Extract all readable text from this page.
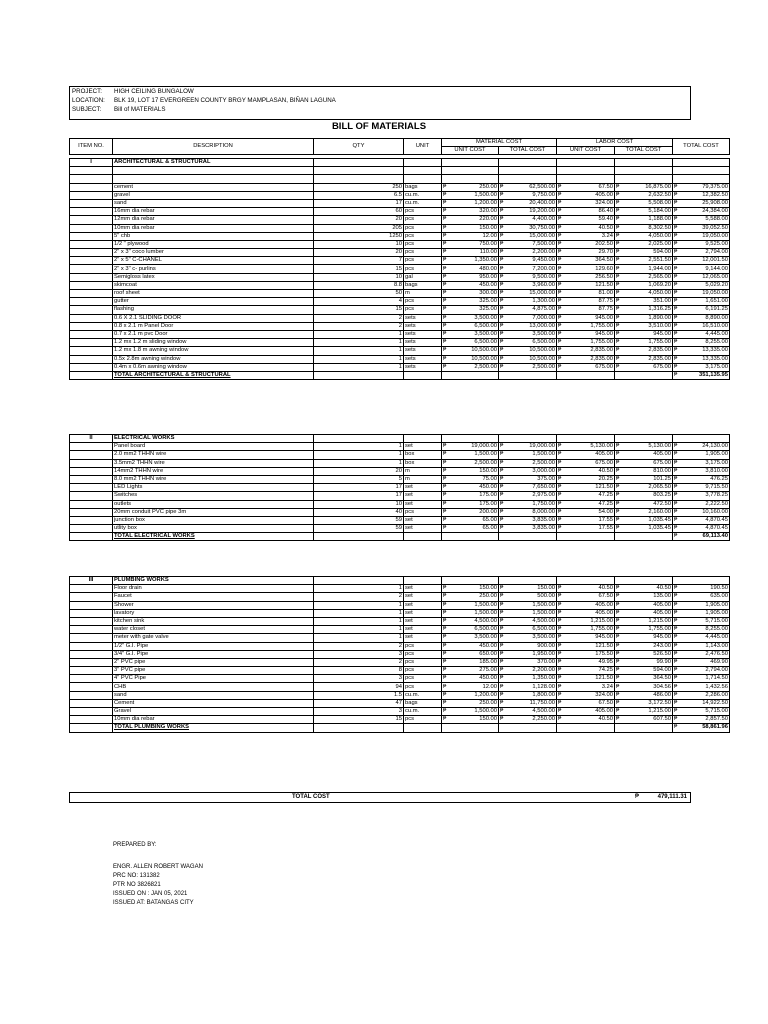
PROJECT: HIGH CEILING BUNGALOW
LOCATION: BLK 19, LOT 17 EVERGREEN COUNTY BRGY MAMPLASAN, BIÑAN LAGUNA
SUBJECT: Bill of MATERIALS
BILL OF MATERIALS
ITEM NO.	DESCRIPTION	QTY	UNIT	MATERIAL COST		LABOR COST		TOTAL COST
				UNIT COST	TOTAL COST	UNIT COST	TOTAL COST	
I	ARCHITECTURAL & STRUCTURAL												

	cement	250	bags	₱	250.00	₱	62,500.00	₱	67.50	₱	16,875.00	₱	79,375.00
	gravel	6.5	cu.m.	₱	1,500.00	₱	9,750.00	₱	405.00	₱	2,632.50	₱	12,382.50
	sand	17	cu.m.	₱	1,200.00	₱	20,400.00	₱	324.00	₱	5,508.00	₱	25,908.00
	16mm dia rebar	60	pcs	₱	320.00	₱	19,200.00	₱	86.40	₱	5,184.00	₱	24,384.00
	12mm dia rebar	20	pcs	₱	220.00	₱	4,400.00	₱	59.40	₱	1,188.00	₱	5,588.00
	10mm dia rebar	205	pcs	₱	150.00	₱	30,750.00	₱	40.50	₱	8,302.50	₱	39,052.50
	5" chb	1250	pcs	₱	12.00	₱	15,000.00	₱	3.24	₱	4,050.00	₱	19,050.00
	1/2 " plywood	10	pcs	₱	750.00	₱	7,500.00	₱	202.50	₱	2,025.00	₱	9,525.00
	2" x 3" coco lumber	20	pcs	₱	110.00	₱	2,200.00	₱	29.70	₱	594.00	₱	2,794.00
	2" x 5" C-CHANEL	7	pcs	₱	1,350.00	₱	9,450.00	₱	364.50	₱	2,551.50	₱	12,001.50
	2" x 3" c- purlins	15	pcs	₱	480.00	₱	7,200.00	₱	129.60	₱	1,944.00	₱	9,144.00
	Semigloss latex	10	gal	₱	950.00	₱	9,500.00	₱	256.50	₱	2,565.00	₱	12,065.00
	skimcoat	8.8	bags	₱	450.00	₱	3,960.00	₱	121.50	₱	1,069.20	₱	5,029.20
	roof sheet	50	m	₱	300.00	₱	15,000.00	₱	81.00	₱	4,050.00	₱	19,050.00
	gutter	4	pcs	₱	325.00	₱	1,300.00	₱	87.75	₱	351.00	₱	1,651.00
	flashing	15	pcs	₱	325.00	₱	4,875.00	₱	87.75	₱	1,316.25	₱	6,191.25
	0.6 X 2.1 SLIDING DOOR	2	sets	₱	3,500.00	₱	7,000.00	₱	945.00	₱	1,890.00	₱	8,890.00
	0.8 x 2.1 m Panel Door	2	sets	₱	6,500.00	₱	13,000.00	₱	1,755.00	₱	3,510.00	₱	16,510.00
	0.7 x 2.1 m pvc Door	1	sets	₱	3,500.00	₱	3,500.00	₱	945.00	₱	945.00	₱	4,445.00
	1.2 mx 1.2 m sliding window	1	sets	₱	6,500.00	₱	6,500.00	₱	1,755.00	₱	1,755.00	₱	8,255.00
	1.2 mx 1.8 m awning window	1	sets	₱	10,500.00	₱	10,500.00	₱	2,835.00	₱	2,835.00	₱	13,335.00
	0.5x 2.8m awning window	1	sets	₱	10,500.00	₱	10,500.00	₱	2,835.00	₱	2,835.00	₱	13,335.00
	0.4m x 0.6m awning window	1	sets	₱	2,500.00	₱	2,500.00	₱	675.00	₱	675.00	₱	3,175.00
	TOTAL ARCHITECTURAL & STRUCTURAL											₱	351,135.95
II	ELECTRICAL WORKS												
	Panel board	1	set	₱	19,000.00	₱	19,000.00	₱	5,130.00	₱	5,130.00	₱	24,130.00
	2.0 mm2 THHN wire	1	box	₱	1,500.00	₱	1,500.00	₱	405.00	₱	405.00	₱	1,905.00
	3.5mm2 THHN wire	1	box	₱	2,500.00	₱	2,500.00	₱	675.00	₱	675.00	₱	3,175.00
	14mm2 THHN wire	20	m	₱	150.00	₱	3,000.00	₱	40.50	₱	810.00	₱	3,810.00
	8.0 mm2 THHN wire	5	m	₱	75.00	₱	375.00	₱	20.25	₱	101.25	₱	476.25
	LED Lights	17	set	₱	450.00	₱	7,650.00	₱	121.50	₱	2,065.50	₱	9,715.50
	Switches	17	set	₱	175.00	₱	2,975.00	₱	47.25	₱	803.25	₱	3,778.25
	outlets	10	set	₱	175.00	₱	1,750.00	₱	47.25	₱	472.50	₱	2,222.50
	20mm conduit PVC pipe 3m	40	pcs	₱	200.00	₱	8,000.00	₱	54.00	₱	2,160.00	₱	10,160.00
	junction box	59	set	₱	65.00	₱	3,835.00	₱	17.55	₱	1,035.45	₱	4,870.45
	utlity box	59	set	₱	65.00	₱	3,835.00	₱	17.55	₱	1,035.45	₱	4,870.45
	TOTAL ELECTRICAL WORKS											₱	69,113.40
III	PLUMBING WORKS												
	Floor drain	1	set	₱	150.00	₱	150.00	₱	40.50	₱	40.50	₱	190.50
	Faucet	2	set	₱	250.00	₱	500.00	₱	67.50	₱	135.00	₱	635.00
	Shower	1	set	₱	1,500.00	₱	1,500.00	₱	405.00	₱	405.00	₱	1,905.00
	lavatory	1	set	₱	1,500.00	₱	1,500.00	₱	405.00	₱	405.00	₱	1,905.00
	kitchen sink	1	set	₱	4,500.00	₱	4,500.00	₱	1,215.00	₱	1,215.00	₱	5,715.00
	water closet	1	set	₱	6,500.00	₱	6,500.00	₱	1,755.00	₱	1,755.00	₱	8,255.00
	meter with gate valve	1	set	₱	3,500.00	₱	3,500.00	₱	945.00	₱	945.00	₱	4,445.00
	1/2" G.I. Pipe	2	pcs	₱	450.00	₱	900.00	₱	121.50	₱	243.00	₱	1,143.00
	3/4" G.I. Pipe	3	pcs	₱	650.00	₱	1,950.00	₱	175.50	₱	526.50	₱	2,476.50
	2" PVC pipe	2	pcs	₱	185.00	₱	370.00	₱	49.95	₱	99.90	₱	469.90
	3" PVC pipe	8	pcs	₱	275.00	₱	2,200.00	₱	74.25	₱	594.00	₱	2,794.00
	4" PVC Pipe	3	pcs	₱	450.00	₱	1,350.00	₱	121.50	₱	364.50	₱	1,714.50
	CHB	94	pcs	₱	12.00	₱	1,128.00	₱	3.24	₱	304.56	₱	1,432.56
	sand	1.5	cu.m.	₱	1,200.00	₱	1,800.00	₱	324.00	₱	486.00	₱	2,286.00
	Cement	47	bags	₱	250.00	₱	11,750.00	₱	67.50	₱	3,172.50	₱	14,922.50
	Gravel	3	cu.m.	₱	1,500.00	₱	4,500.00	₱	405.00	₱	1,215.00	₱	5,715.00
	10mm dia rebar	15	pcs	₱	150.00	₱	2,250.00	₱	40.50	₱	607.50	₱	2,857.50
	TOTAL PLUMBING WORKS											₱	58,861.96
TOTAL COST	₱	479,111.31
PREPARED BY:
ENGR. ALLEN ROBERT WAGAN
PRC NO: 131382
PTR NO 3826821
ISSUED ON : JAN 05, 2021
ISSUED AT: BATANGAS CITY
